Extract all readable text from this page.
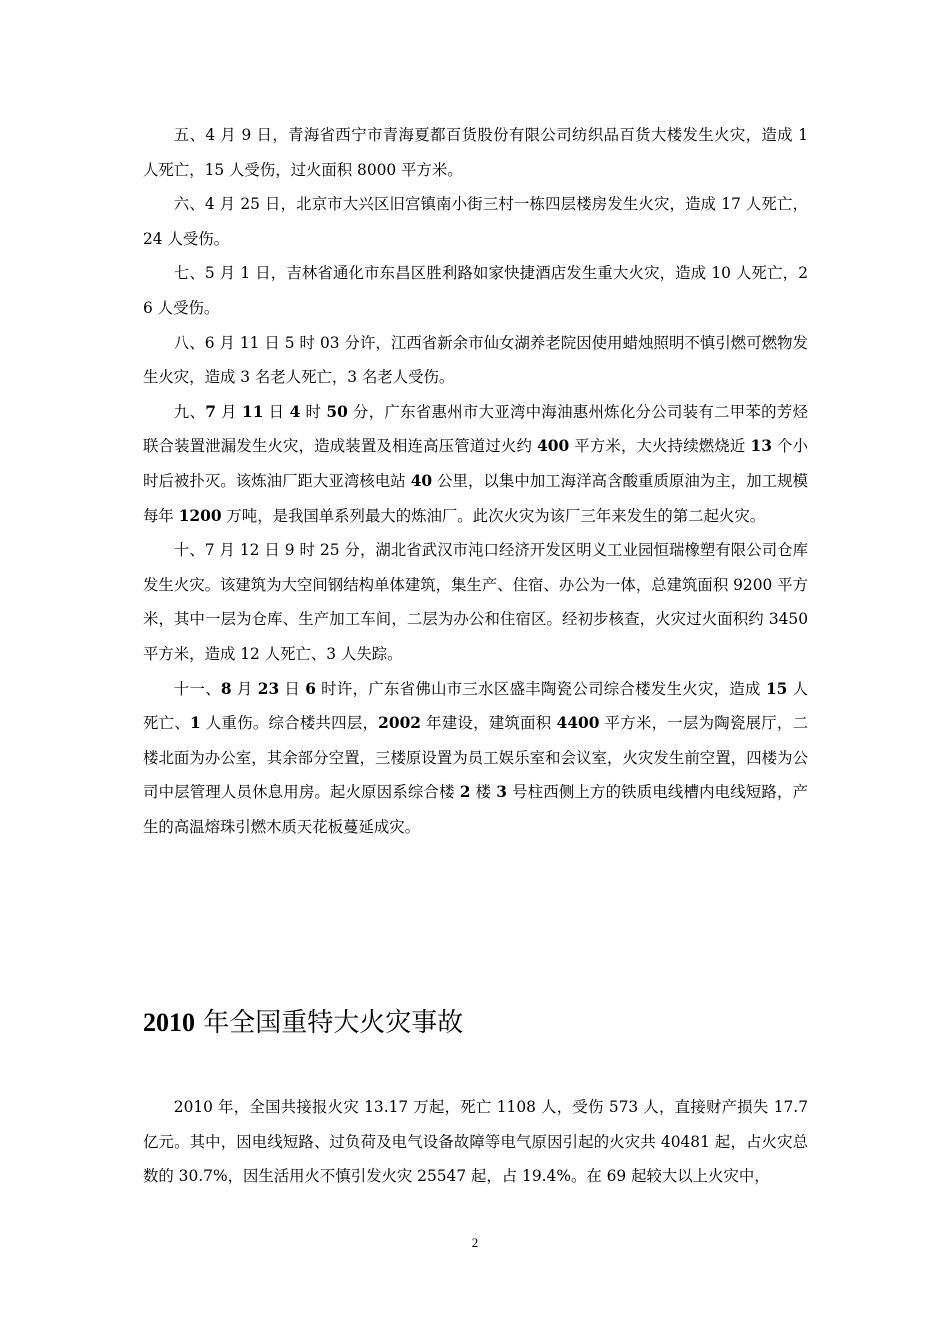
五、4 月 9 日，青海省西宁市青海夏都百货股份有限公司纺织品百货大楼发生火灾，造成 1 人死亡，15 人受伤，过火面积 8000 平方米。

六、4 月 25 日，北京市大兴区旧宫镇南小街三村一栋四层楼房发生火灾，造成 17 人死亡，24 人受伤。

七、5 月 1 日，吉林省通化市东昌区胜利路如家快捷酒店发生重大火灾，造成 10 人死亡，26 人受伤。

八、6 月 11 日 5 时 03 分许，江西省新余市仙女湖养老院因使用蜡烛照明不慎引燃可燃物发生火灾，造成 3 名老人死亡，3 名老人受伤。

九、7 月 11 日 4 时 50 分，广东省惠州市大亚湾中海油惠州炼化分公司装有二甲苯的芳烃联合装置泄漏发生火灾，造成装置及相连高压管道过火约 400 平方米，大火持续燃烧近 13 个小时后被扑灭。该炼油厂距大亚湾核电站 40 公里，以集中加工海洋高含酸重质原油为主，加工规模每年 1200 万吨，是我国单系列最大的炼油厂。此次火灾为该厂三年来发生的第二起火灾。

十、7 月 12 日 9 时 25 分，湖北省武汉市沌口经济开发区明义工业园恒瑞橡塑有限公司仓库发生火灾。该建筑为大空间钢结构单体建筑，集生产、住宿、办公为一体，总建筑面积 9200 平方米，其中一层为仓库、生产加工车间，二层为办公和住宿区。经初步核查，火灾过火面积约 3450 平方米，造成 12 人死亡、3 人失踪。

十一、8 月 23 日 6 时许，广东省佛山市三水区盛丰陶瓷公司综合楼发生火灾，造成 15 人死亡、1 人重伤。综合楼共四层，2002 年建设，建筑面积 4400 平方米，一层为陶瓷展厅，二楼北面为办公室，其余部分空置，三楼原设置为员工娱乐室和会议室，火灾发生前空置，四楼为公司中层管理人员休息用房。起火原因系综合楼 2 楼 3 号柱西侧上方的铁质电线槽内电线短路，产生的高温熔珠引燃木质天花板蔓延成灾。

2010 年全国重特大火灾事故

2010 年，全国共接报火灾 13.17 万起，死亡 1108 人，受伤 573 人，直接财产损失 17.7 亿元。其中，因电线短路、过负荷及电气设备故障等电气原因引起的火灾共 40481 起，占火灾总数的 30.7%，因生活用火不慎引发火灾 25547 起，占 19.4%。在 69 起较大以上火灾中，

2
